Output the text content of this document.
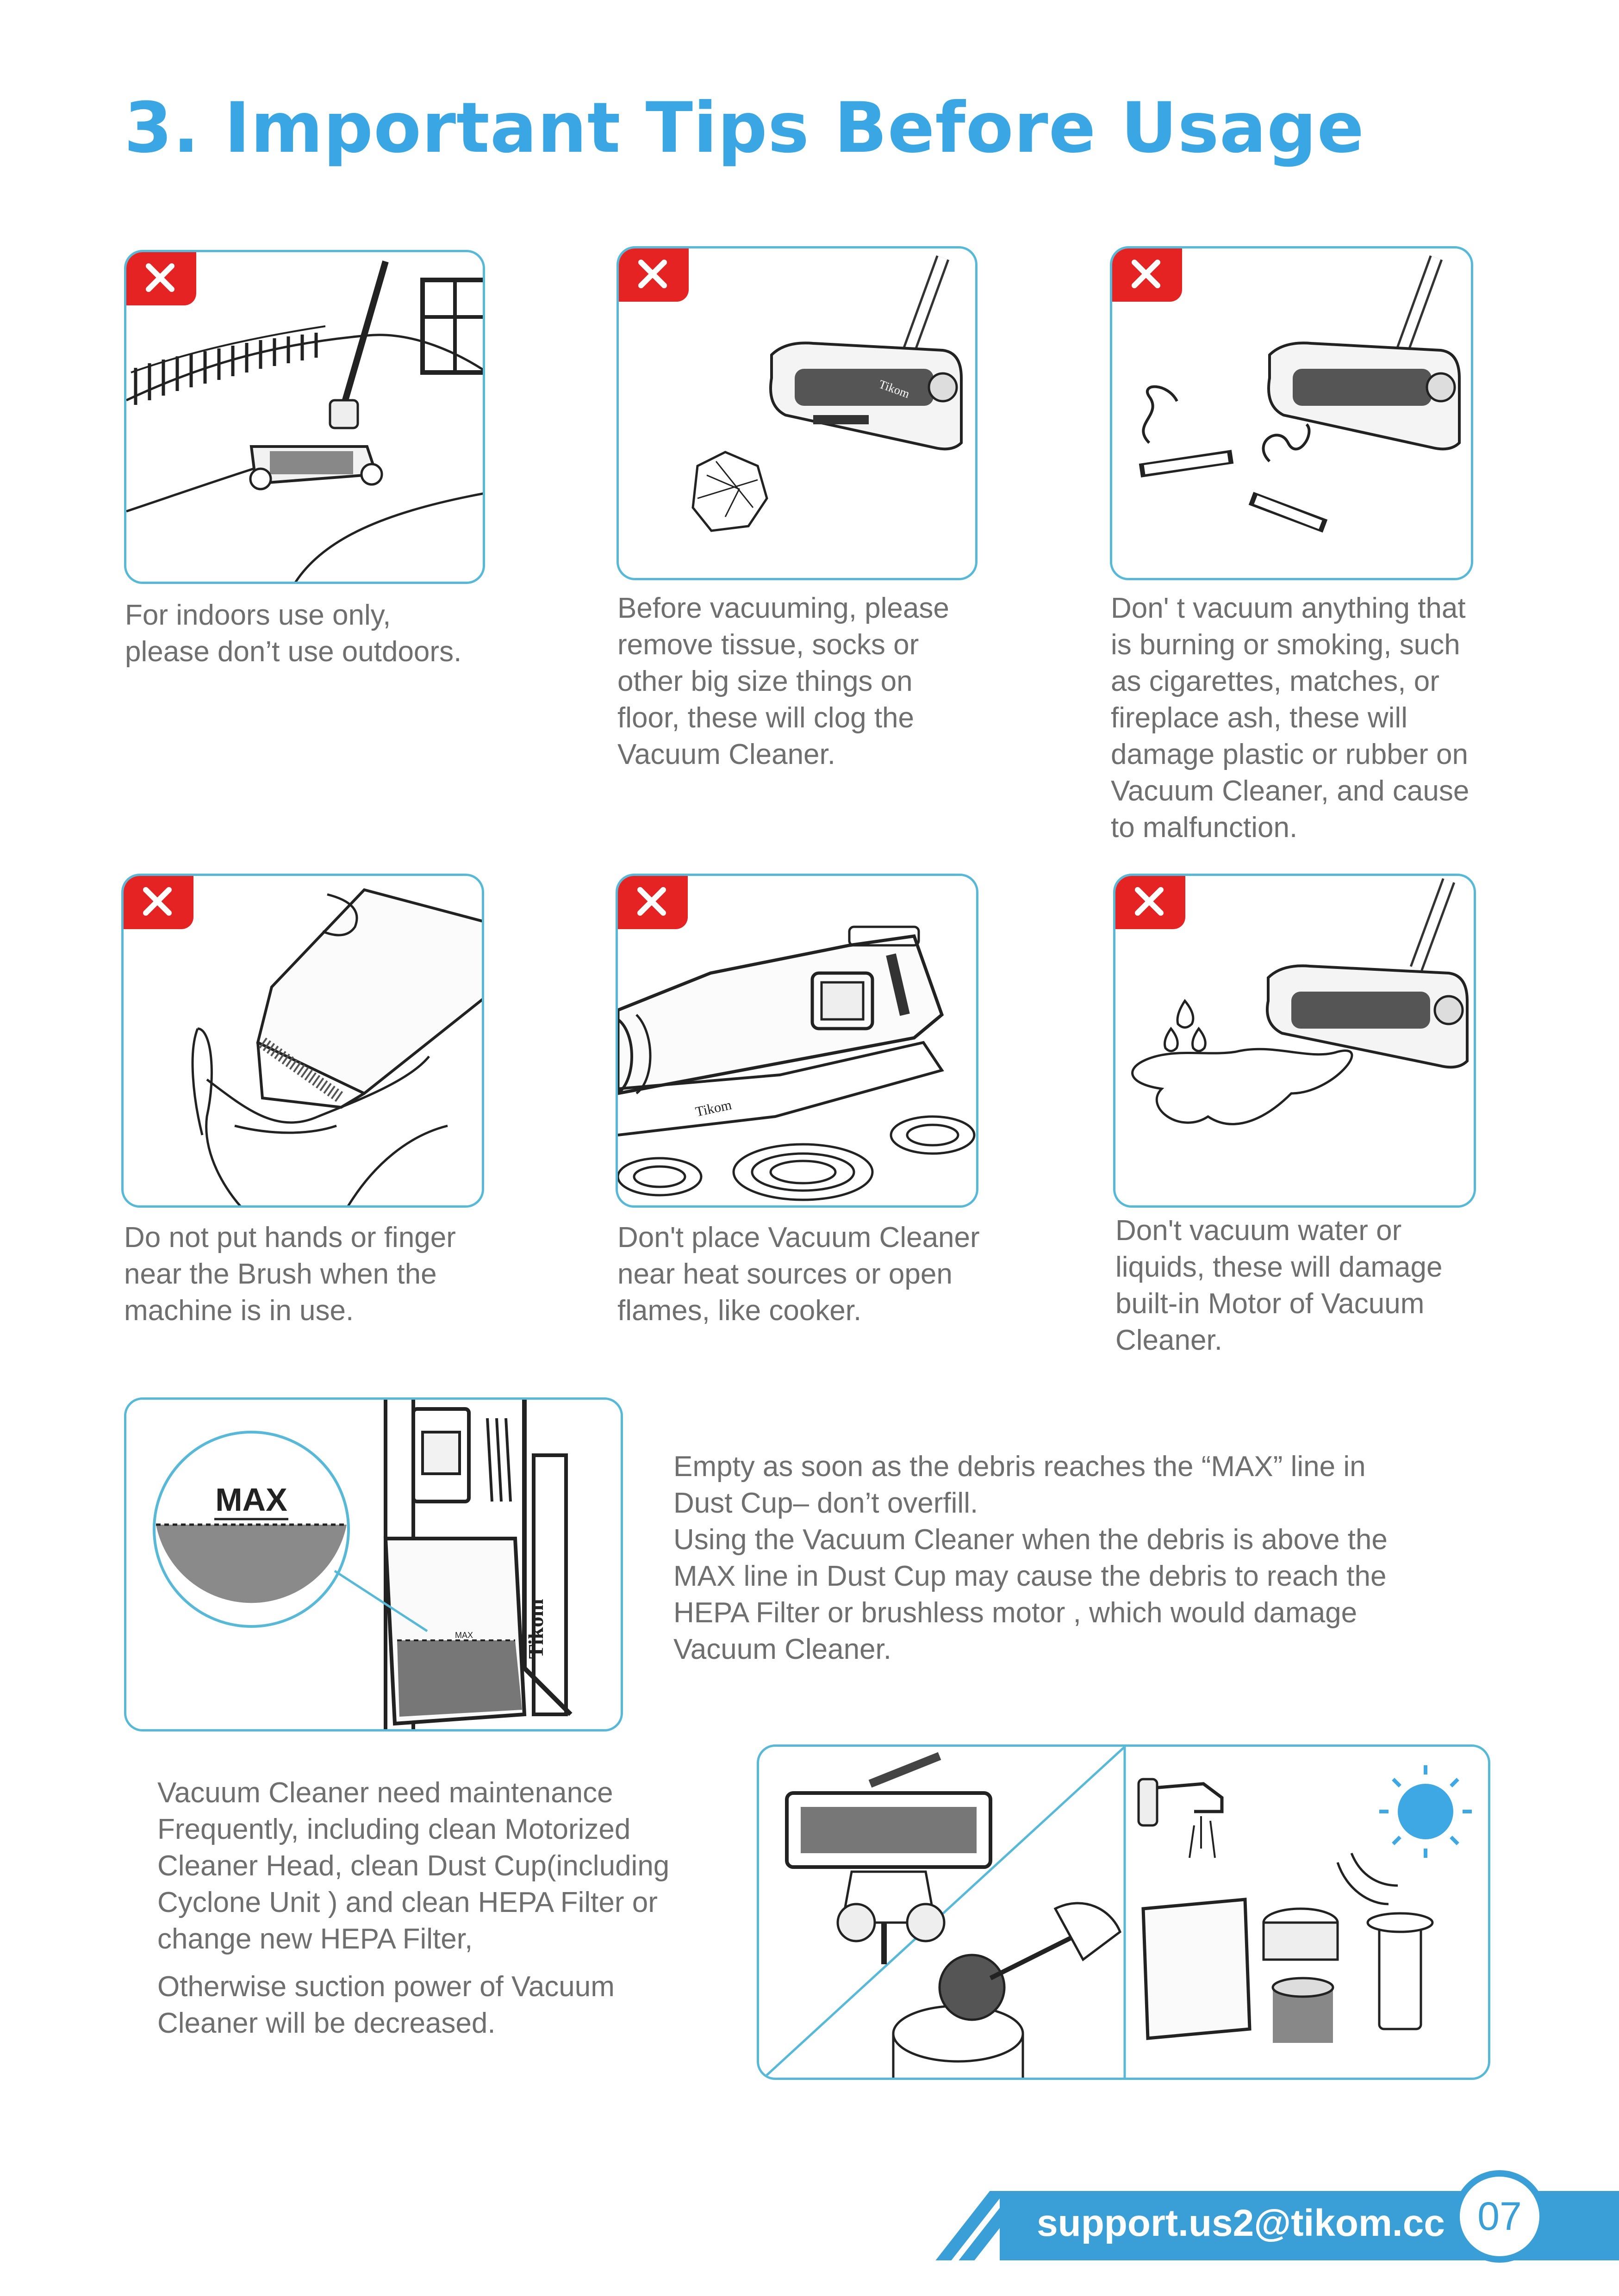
3. Important Tips Before Usage
For indoors use only,
please don’t use outdoors.
Tikom
Before vacuuming, please
remove tissue, socks or
other big size things on
floor, these will clog the
Vacuum Cleaner.
Don' t vacuum anything that
is burning or smoking, such
as cigarettes, matches, or
fireplace ash, these will
damage plastic or rubber on
Vacuum Cleaner, and cause
to malfunction.
Do not put hands or finger
near the Brush when the
machine is in use.
Tikom
Don't place Vacuum Cleaner
near heat sources or open
flames, like cooker.
Don't vacuum water or
liquids, these will damage
built-in Motor of Vacuum
Cleaner.
MAX Tikom
MAX
Empty as soon as the debris reaches the “MAX” line in
Dust Cup– don’t overfill.
Using the Vacuum Cleaner when the debris is above the
MAX line in Dust Cup may cause the debris to reach the
HEPA Filter or brushless motor , which would damage
Vacuum Cleaner.
Vacuum Cleaner need maintenance
Frequently, including clean Motorized
Cleaner Head, clean Dust Cup(including
Cyclone Unit ) and clean HEPA Filter or
change new HEPA Filter,
Otherwise suction power of Vacuum
Cleaner will be decreased.
support.us2@tikom.cc 07
